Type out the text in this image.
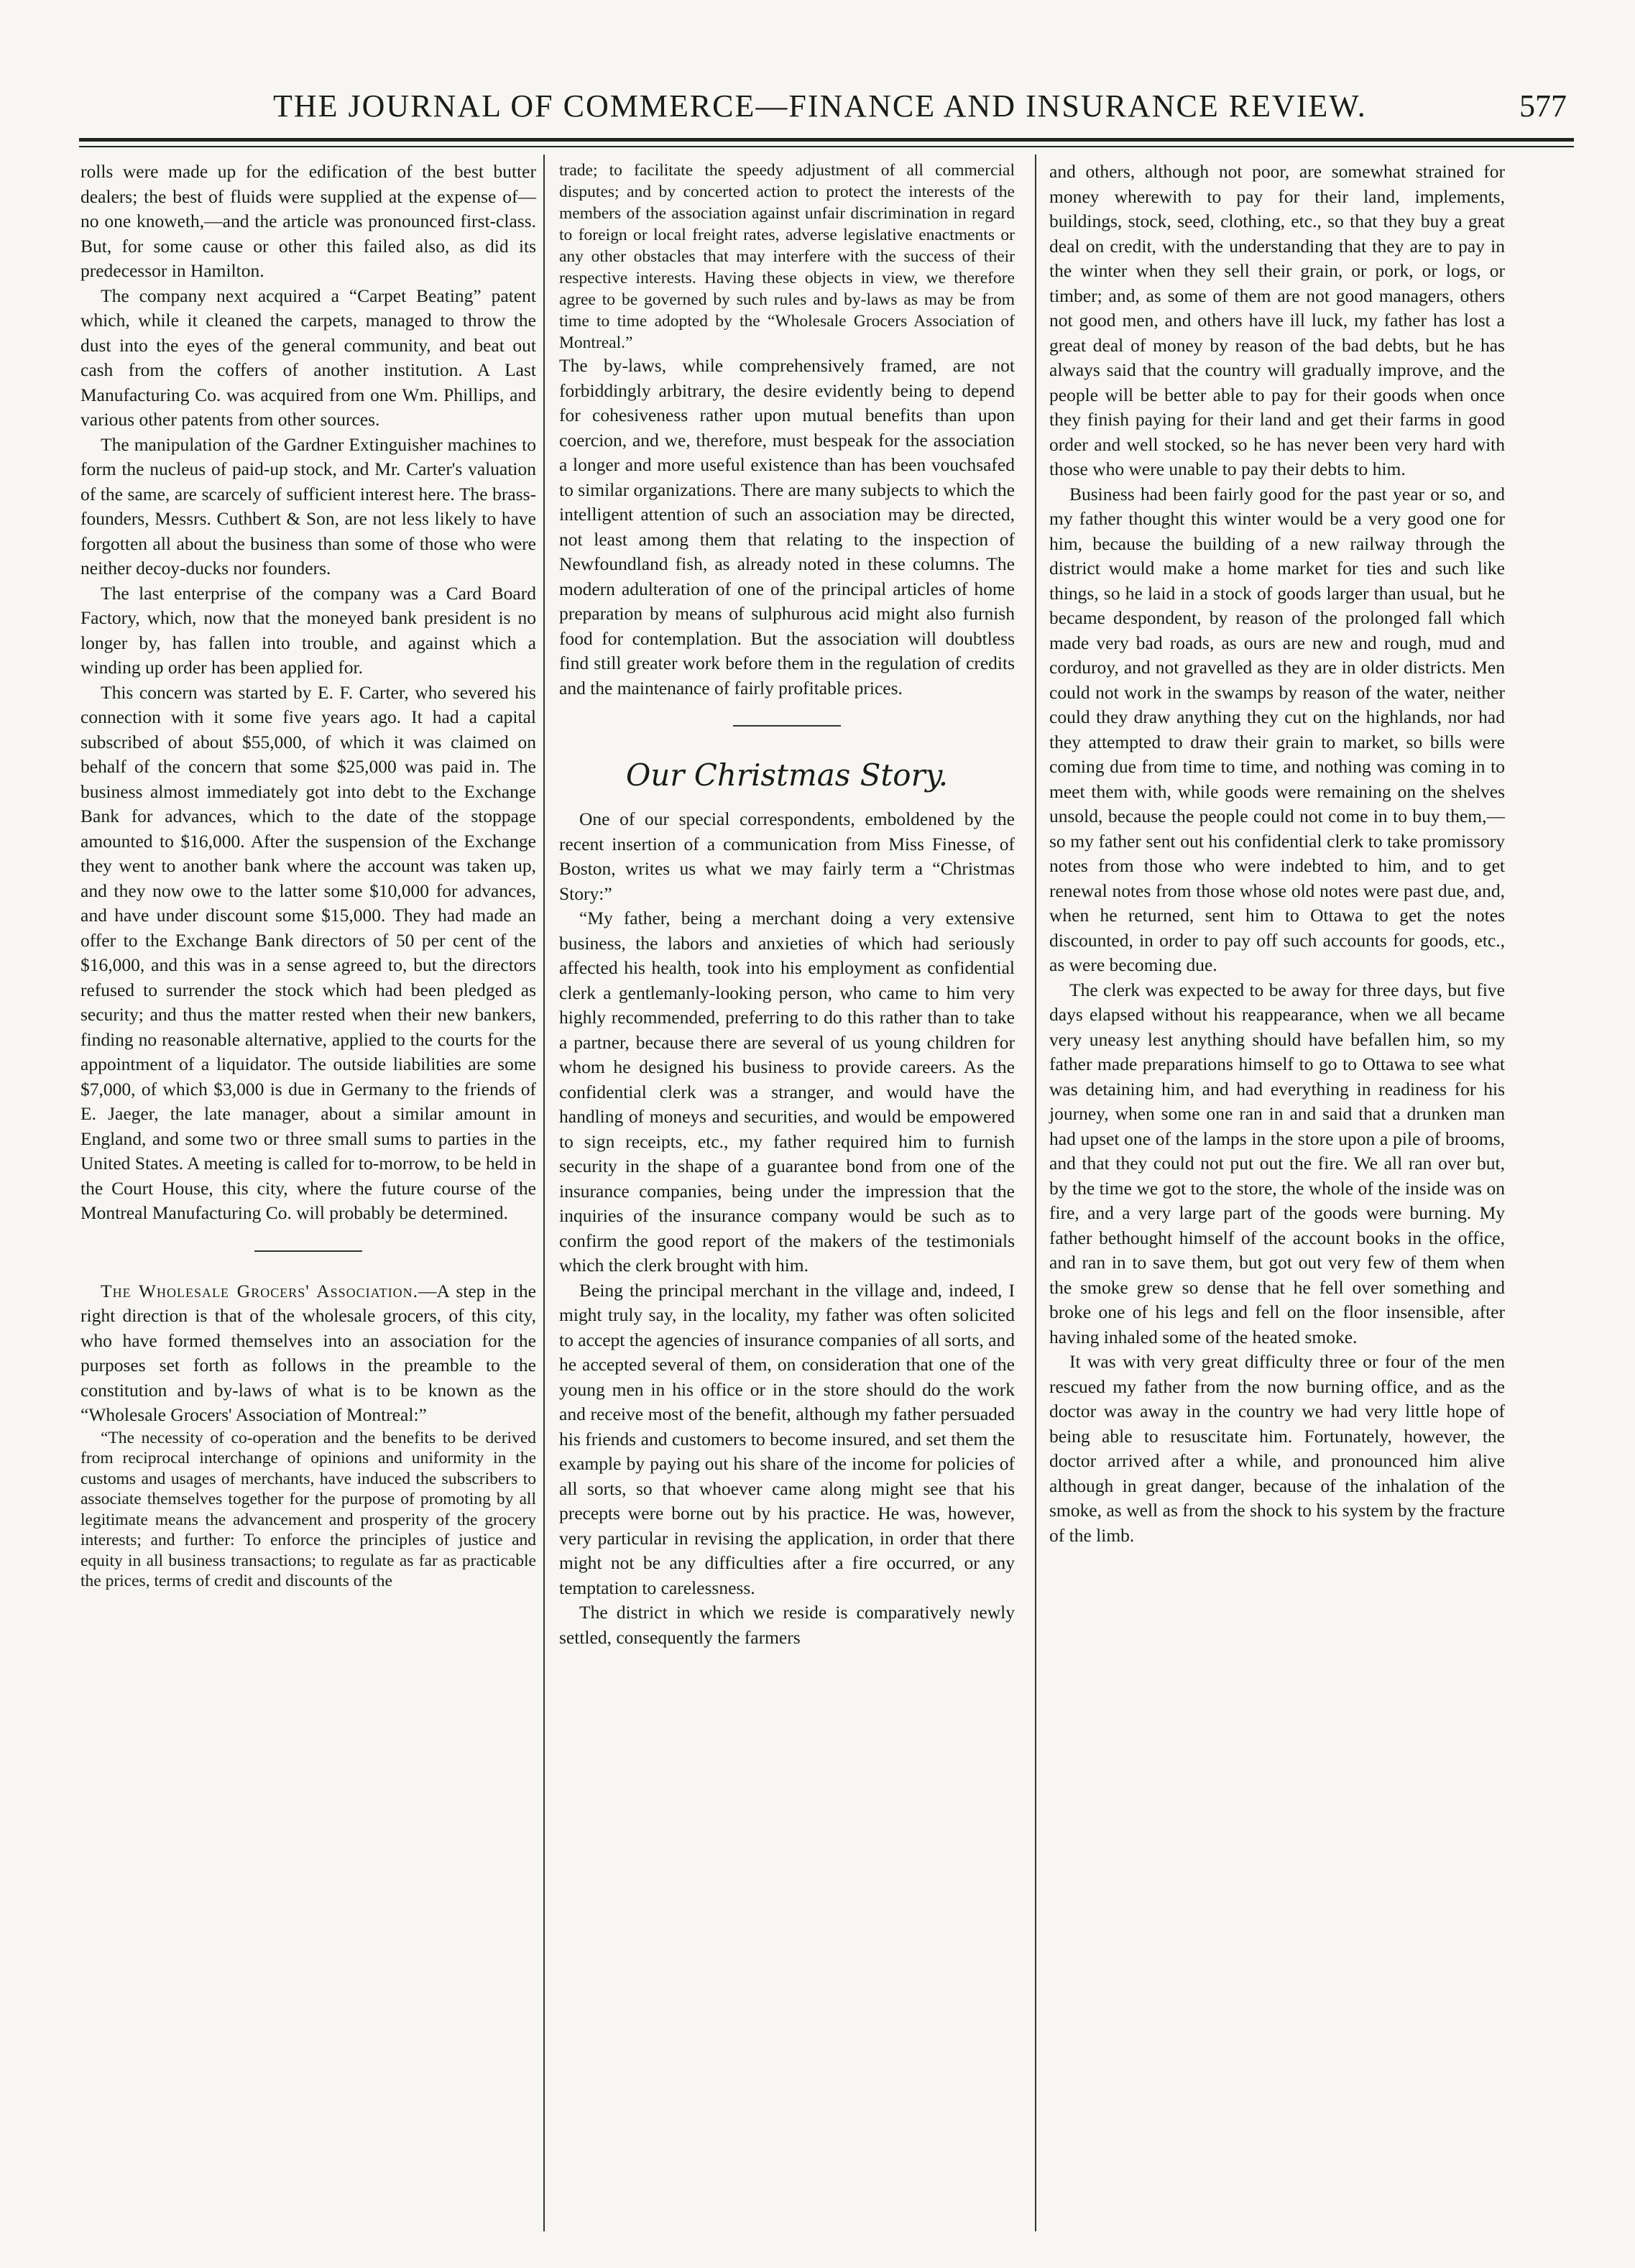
THE JOURNAL OF COMMERCE—FINANCE AND INSURANCE REVIEW.	577

rolls were made up for the edification of the best butter dealers; the best of fluids were supplied at the expense of—no one knoweth,—and the article was pronounced first-class. But, for some cause or other this failed also, as did its predecessor in Hamilton.

The company next acquired a “Carpet Beating” patent which, while it cleaned the carpets, managed to throw the dust into the eyes of the general community, and beat out cash from the coffers of another institution. A Last Manufacturing Co. was acquired from one Wm. Phillips, and various other patents from other sources.

The manipulation of the Gardner Extinguisher machines to form the nucleus of paid-up stock, and Mr. Carter's valuation of the same, are scarcely of sufficient interest here. The brass-founders, Messrs. Cuthbert & Son, are not less likely to have forgotten all about the business than some of those who were neither decoy-ducks nor founders.

The last enterprise of the company was a Card Board Factory, which, now that the moneyed bank president is no longer by, has fallen into trouble, and against which a winding up order has been applied for.

This concern was started by E. F. Carter, who severed his connection with it some five years ago. It had a capital subscribed of about $55,000, of which it was claimed on behalf of the concern that some $25,000 was paid in. The business almost immediately got into debt to the Exchange Bank for advances, which to the date of the stoppage amounted to $16,000. After the suspension of the Exchange they went to another bank where the account was taken up, and they now owe to the latter some $10,000 for advances, and have under discount some $15,000. They had made an offer to the Exchange Bank directors of 50 per cent of the $16,000, and this was in a sense agreed to, but the directors refused to surrender the stock which had been pledged as security; and thus the matter rested when their new bankers, finding no reasonable alternative, applied to the courts for the appointment of a liquidator. The outside liabilities are some $7,000, of which $3,000 is due in Germany to the friends of E. Jaeger, the late manager, about a similar amount in England, and some two or three small sums to parties in the United States. A meeting is called for to-morrow, to be held in the Court House, this city, where the future course of the Montreal Manufacturing Co. will probably be determined.

The Wholesale Grocers' Association.—A step in the right direction is that of the wholesale grocers, of this city, who have formed themselves into an association for the purposes set forth as follows in the preamble to the constitution and by-laws of what is to be known as the “Wholesale Grocers' Association of Montreal:”

“The necessity of co-operation and the benefits to be derived from reciprocal interchange of opinions and uniformity in the customs and usages of merchants, have induced the subscribers to associate themselves together for the purpose of promoting by all legitimate means the advancement and prosperity of the grocery interests; and further: To enforce the principles of justice and equity in all business transactions; to regulate as far as practicable the prices, terms of credit and discounts of the

trade; to facilitate the speedy adjustment of all commercial disputes; and by concerted action to protect the interests of the members of the association against unfair discrimination in regard to foreign or local freight rates, adverse legislative enactments or any other obstacles that may interfere with the success of their respective interests. Having these objects in view, we therefore agree to be governed by such rules and by-laws as may be from time to time adopted by the “Wholesale Grocers Association of Montreal.”

The by-laws, while comprehensively framed, are not forbiddingly arbitrary, the desire evidently being to depend for cohesiveness rather upon mutual benefits than upon coercion, and we, therefore, must bespeak for the association a longer and more useful existence than has been vouchsafed to similar organizations. There are many subjects to which the intelligent attention of such an association may be directed, not least among them that relating to the inspection of Newfoundland fish, as already noted in these columns. The modern adulteration of one of the principal articles of home preparation by means of sulphurous acid might also furnish food for contemplation. But the association will doubtless find still greater work before them in the regulation of credits and the maintenance of fairly profitable prices.

Our Christmas Story.

One of our special correspondents, emboldened by the recent insertion of a communication from Miss Finesse, of Boston, writes us what we may fairly term a “Christmas Story:”

“My father, being a merchant doing a very extensive business, the labors and anxieties of which had seriously affected his health, took into his employment as confidential clerk a gentlemanly-looking person, who came to him very highly recommended, preferring to do this rather than to take a partner, because there are several of us young children for whom he designed his business to provide careers. As the confidential clerk was a stranger, and would have the handling of moneys and securities, and would be empowered to sign receipts, etc., my father required him to furnish security in the shape of a guarantee bond from one of the insurance companies, being under the impression that the inquiries of the insurance company would be such as to confirm the good report of the makers of the testimonials which the clerk brought with him.

Being the principal merchant in the village and, indeed, I might truly say, in the locality, my father was often solicited to accept the agencies of insurance companies of all sorts, and he accepted several of them, on consideration that one of the young men in his office or in the store should do the work and receive most of the benefit, although my father persuaded his friends and customers to become insured, and set them the example by paying out his share of the income for policies of all sorts, so that whoever came along might see that his precepts were borne out by his practice. He was, however, very particular in revising the application, in order that there might not be any difficulties after a fire occurred, or any temptation to carelessness.

The district in which we reside is comparatively newly settled, consequently the farmers

and others, although not poor, are somewhat strained for money wherewith to pay for their land, implements, buildings, stock, seed, clothing, etc., so that they buy a great deal on credit, with the understanding that they are to pay in the winter when they sell their grain, or pork, or logs, or timber; and, as some of them are not good managers, others not good men, and others have ill luck, my father has lost a great deal of money by reason of the bad debts, but he has always said that the country will gradually improve, and the people will be better able to pay for their goods when once they finish paying for their land and get their farms in good order and well stocked, so he has never been very hard with those who were unable to pay their debts to him.

Business had been fairly good for the past year or so, and my father thought this winter would be a very good one for him, because the building of a new railway through the district would make a home market for ties and such like things, so he laid in a stock of goods larger than usual, but he became despondent, by reason of the prolonged fall which made very bad roads, as ours are new and rough, mud and corduroy, and not gravelled as they are in older districts. Men could not work in the swamps by reason of the water, neither could they draw anything they cut on the highlands, nor had they attempted to draw their grain to market, so bills were coming due from time to time, and nothing was coming in to meet them with, while goods were remaining on the shelves unsold, because the people could not come in to buy them,—so my father sent out his confidential clerk to take promissory notes from those who were indebted to him, and to get renewal notes from those whose old notes were past due, and, when he returned, sent him to Ottawa to get the notes discounted, in order to pay off such accounts for goods, etc., as were becoming due.

The clerk was expected to be away for three days, but five days elapsed without his reappearance, when we all became very uneasy lest anything should have befallen him, so my father made preparations himself to go to Ottawa to see what was detaining him, and had everything in readiness for his journey, when some one ran in and said that a drunken man had upset one of the lamps in the store upon a pile of brooms, and that they could not put out the fire. We all ran over but, by the time we got to the store, the whole of the inside was on fire, and a very large part of the goods were burning. My father bethought himself of the account books in the office, and ran in to save them, but got out very few of them when the smoke grew so dense that he fell over something and broke one of his legs and fell on the floor insensible, after having inhaled some of the heated smoke.

It was with very great difficulty three or four of the men rescued my father from the now burning office, and as the doctor was away in the country we had very little hope of being able to resuscitate him. Fortunately, however, the doctor arrived after a while, and pronounced him alive although in great danger, because of the inhalation of the smoke, as well as from the shock to his system by the fracture of the limb.
